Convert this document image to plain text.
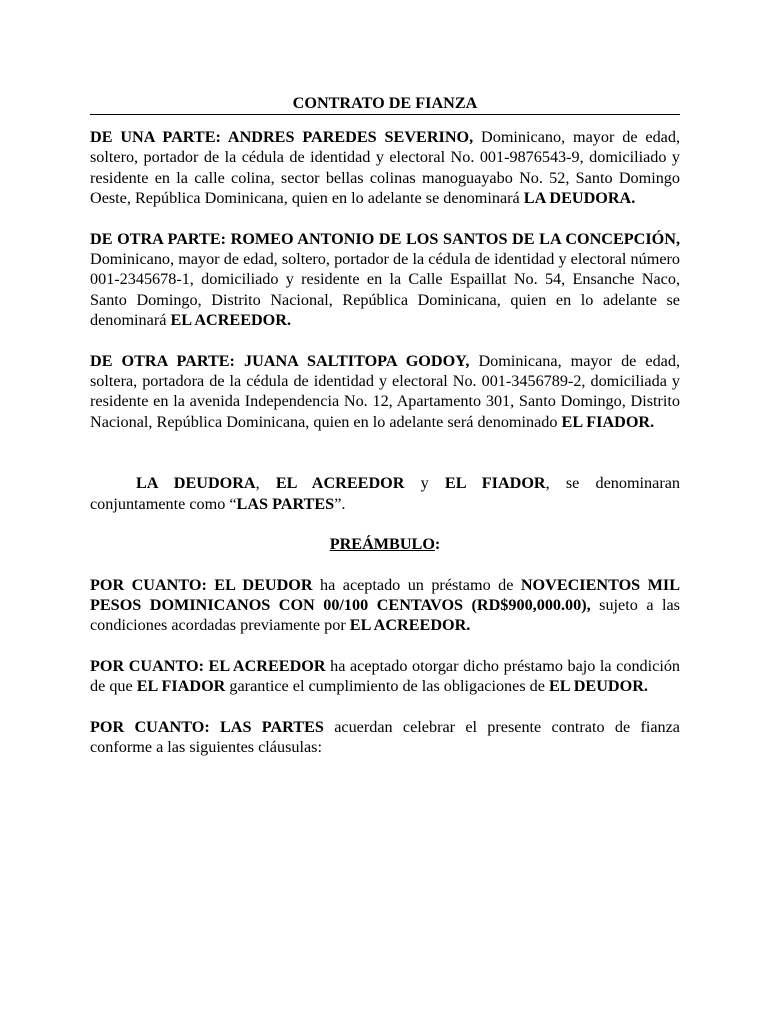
CONTRATO DE FIANZA

DE UNA PARTE: ANDRES PAREDES SEVERINO, Dominicano, mayor de edad, soltero, portador de la cédula de identidad y electoral No. 001-9876543-9, domiciliado y residente en la calle colina, sector bellas colinas manoguayabo No. 52, Santo Domingo Oeste, República Dominicana, quien en lo adelante se denominará LA DEUDORA.

DE OTRA PARTE: ROMEO ANTONIO DE LOS SANTOS DE LA CONCEPCIÓN, Dominicano, mayor de edad, soltero, portador de la cédula de identidad y electoral número 001-2345678-1, domiciliado y residente en la Calle Espaillat No. 54, Ensanche Naco, Santo Domingo, Distrito Nacional, República Dominicana, quien en lo adelante se denominará EL ACREEDOR.

DE OTRA PARTE: JUANA SALTITOPA GODOY, Dominicana, mayor de edad, soltera, portadora de la cédula de identidad y electoral No. 001-3456789-2, domiciliada y residente en la avenida Independencia No. 12, Apartamento 301, Santo Domingo, Distrito Nacional, República Dominicana, quien en lo adelante será denominado EL FIADOR.

LA DEUDORA, EL ACREEDOR y EL FIADOR, se denominaran conjuntamente como “LAS PARTES”.

PREÁMBULO:

POR CUANTO: EL DEUDOR ha aceptado un préstamo de NOVECIENTOS MIL PESOS DOMINICANOS CON 00/100 CENTAVOS (RD$900,000.00), sujeto a las condiciones acordadas previamente por EL ACREEDOR.

POR CUANTO: EL ACREEDOR ha aceptado otorgar dicho préstamo bajo la condición de que EL FIADOR garantice el cumplimiento de las obligaciones de EL DEUDOR.

POR CUANTO: LAS PARTES acuerdan celebrar el presente contrato de fianza conforme a las siguientes cláusulas:
